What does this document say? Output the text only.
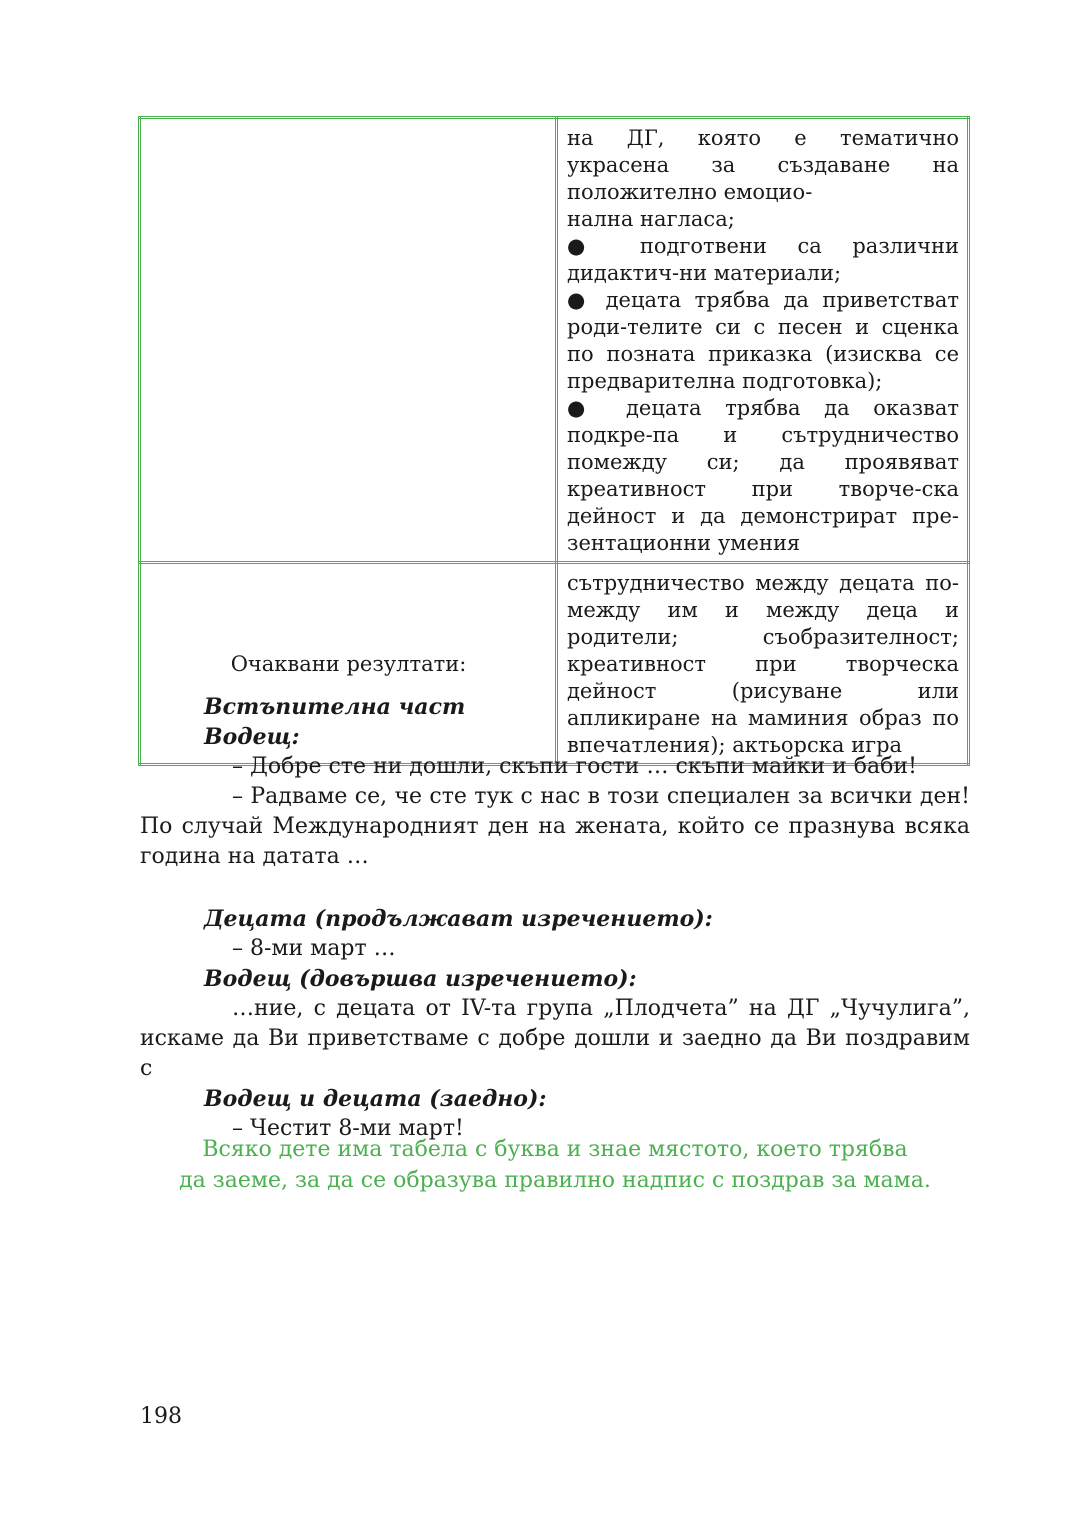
	на ДГ, която е тематично украсена за създаване на положително емоцио-
нална нагласа;
● подготвени са различни дидактич-ни материали;
● децата трябва да приветстват роди-телите си с песен и сценка по позната приказка (изисква се предварителна подготовка);
● децата трябва да оказват подкре-па и сътрудничество помежду си; да проявяват креативност при творче-ска дейност и да демонстрират пре-зентационни умения

Очаквани резултати:	сътрудничество между децата по-между им и между деца и родители; съобразителност; креативност при творческа дейност (рисуване или апликиране на маминия образ по впечатления); актьорска игра
Встъпителна част
Водещ:
– Добре сте ни дошли, скъпи гости … скъпи майки и баби!
– Радваме се, че сте тук с нас в този специален за всички ден!
По случай Международният ден на жената, който се празнува всяка година на датата …
Децата (продължават изречението):
– 8-ми март …
Водещ (довършва изречението):
…ние, с децата от IV-та група „Плодчета” на ДГ „Чучулига”,
искаме да Ви приветстваме с добре дошли и заедно да Ви поздравим с
Водещ и децата (заедно):
– Честит 8-ми март!
Всяко дете има табела с буква и знае мястото, което трябва
да заеме, за да се образува правилно надпис с поздрав за мама.
198
